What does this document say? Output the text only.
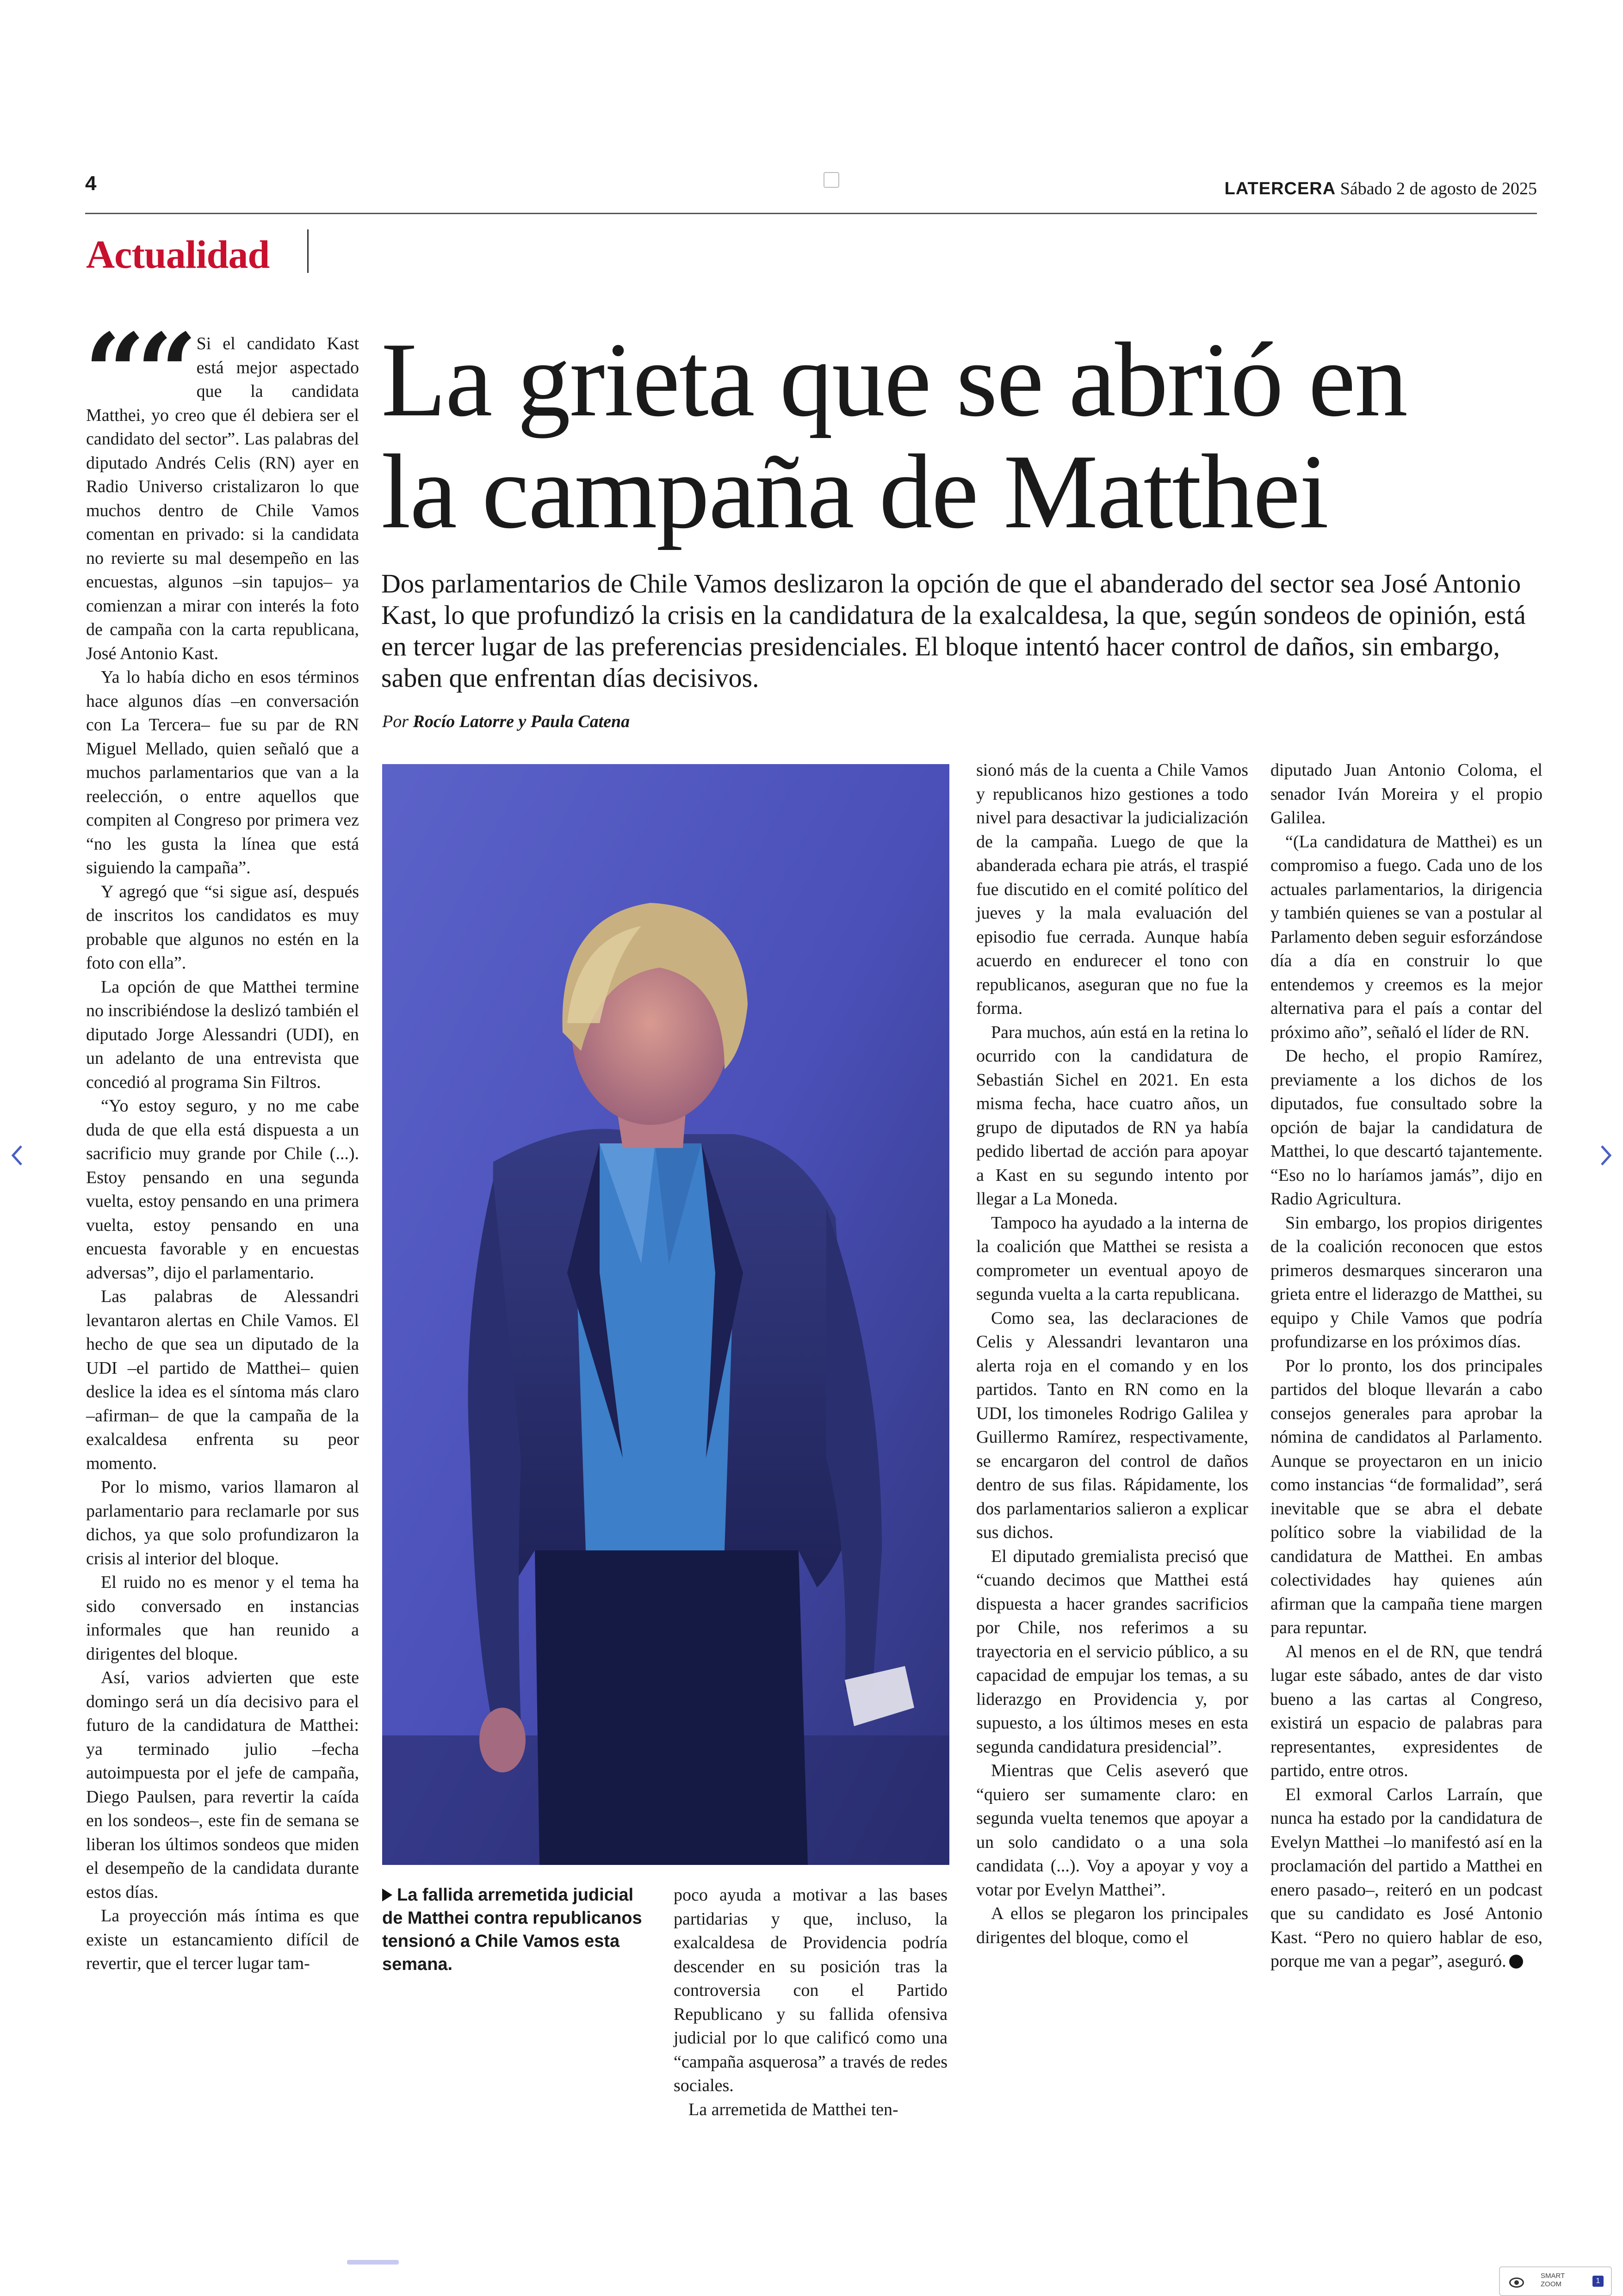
4	LATERCERA Sábado 2 de agosto de 2025
Actualidad
La grieta que se abrió en
la campaña de Matthei
Dos parlamentarios de Chile Vamos deslizaron la opción de que el abanderado del sector sea José Antonio Kast, lo que profundizó la crisis en la candidatura de la exalcaldesa, la que, según sondeos de opinión, está en tercer lugar de las preferencias presidenciales. El bloque intentó hacer control de daños, sin embargo, saben que enfrentan días decisivos.
Por Rocío Latorre y Paula Catena
““ Si el candidato Kast está mejor aspectado que la candidata Matthei, yo creo que él debiera ser el candidato del sector”. Las palabras del diputado Andrés Celis (RN) ayer en Radio Universo cristalizaron lo que muchos dentro de Chile Vamos comentan en privado: si la candidata no revierte su mal desempeño en las encuestas, algunos –sin tapujos– ya comienzan a mirar con interés la foto de campaña con la carta republicana, José Antonio Kast.

Ya lo había dicho en esos términos hace algunos días –en conversación con La Tercera– fue su par de RN Miguel Mellado, quien señaló que a muchos parlamentarios que van a la reelección, o entre aquellos que compiten al Congreso por primera vez “no les gusta la línea que está siguiendo la campaña”.

Y agregó que “si sigue así, después de inscritos los candidatos es muy probable que algunos no estén en la foto con ella”.

La opción de que Matthei termine no inscribiéndose la deslizó también el diputado Jorge Alessandri (UDI), en un adelanto de una entrevista que concedió al programa Sin Filtros.

“Yo estoy seguro, y no me cabe duda de que ella está dispuesta a un sacrificio muy grande por Chile (...). Estoy pensando en una segunda vuelta, estoy pensando en una primera vuelta, estoy pensando en una encuesta favorable y en encuestas adversas”, dijo el parlamentario.

Las palabras de Alessandri levantaron alertas en Chile Vamos. El hecho de que sea un diputado de la UDI –el partido de Matthei– quien deslice la idea es el síntoma más claro –afirman– de que la campaña de la exalcaldesa enfrenta su peor momento.

Por lo mismo, varios llamaron al parlamentario para reclamarle por sus dichos, ya que solo profundizaron la crisis al interior del bloque.

El ruido no es menor y el tema ha sido conversado en instancias informales que han reunido a dirigentes del bloque.

Así, varios advierten que este domingo será un día decisivo para el futuro de la candidatura de Matthei: ya terminado julio –fecha autoimpuesta por el jefe de campaña, Diego Paulsen, para revertir la caída en los sondeos–, este fin de semana se liberan los últimos sondeos que miden el desempeño de la candidata durante estos días.

La proyección más íntima es que existe un estancamiento difícil de revertir, que el tercer lugar tam-

La fallida arremetida judicial de Matthei contra republicanos tensionó a Chile Vamos esta semana.

poco ayuda a motivar a las bases partidarias y que, incluso, la exalcaldesa de Providencia podría descender en su posición tras la controversia con el Partido Republicano y su fallida ofensiva judicial por lo que calificó como una “campaña asquerosa” a través de redes sociales.

La arremetida de Matthei ten-

sionó más de la cuenta a Chile Vamos y republicanos hizo gestiones a todo nivel para desactivar la judicialización de la campaña. Luego de que la abanderada echara pie atrás, el traspié fue discutido en el comité político del jueves y la mala evaluación del episodio fue cerrada. Aunque había acuerdo en endurecer el tono con republicanos, aseguran que no fue la forma.

Para muchos, aún está en la retina lo ocurrido con la candidatura de Sebastián Sichel en 2021. En esta misma fecha, hace cuatro años, un grupo de diputados de RN ya había pedido libertad de acción para apoyar a Kast en su segundo intento por llegar a La Moneda.

Tampoco ha ayudado a la interna de la coalición que Matthei se resista a comprometer un eventual apoyo de segunda vuelta a la carta republicana.

Como sea, las declaraciones de Celis y Alessandri levantaron una alerta roja en el comando y en los partidos. Tanto en RN como en la UDI, los timoneles Rodrigo Galilea y Guillermo Ramírez, respectivamente, se encargaron del control de daños dentro de sus filas. Rápidamente, los dos parlamentarios salieron a explicar sus dichos.

El diputado gremialista precisó que “cuando decimos que Matthei está dispuesta a hacer grandes sacrificios por Chile, nos referimos a su trayectoria en el servicio público, a su capacidad de empujar los temas, a su liderazgo en Providencia y, por supuesto, a los últimos meses en esta segunda candidatura presidencial”.

Mientras que Celis aseveró que “quiero ser sumamente claro: en segunda vuelta tenemos que apoyar a un solo candidato o a una sola candidata (...). Voy a apoyar y voy a votar por Evelyn Matthei”.

A ellos se plegaron los principales dirigentes del bloque, como el

diputado Juan Antonio Coloma, el senador Iván Moreira y el propio Galilea.

“(La candidatura de Matthei) es un compromiso a fuego. Cada uno de los actuales parlamentarios, la dirigencia y también quienes se van a postular al Parlamento deben seguir esforzándose día a día en construir lo que entendemos y creemos es la mejor alternativa para el país a contar del próximo año”, señaló el líder de RN.

De hecho, el propio Ramírez, previamente a los dichos de los diputados, fue consultado sobre la opción de bajar la candidatura de Matthei, lo que descartó tajantemente. “Eso no lo haríamos jamás”, dijo en Radio Agricultura.

Sin embargo, los propios dirigentes de la coalición reconocen que estos primeros desmarques sinceraron una grieta entre el liderazgo de Matthei, su equipo y Chile Vamos que podría profundizarse en los próximos días.

Por lo pronto, los dos principales partidos del bloque llevarán a cabo consejos generales para aprobar la nómina de candidatos al Parlamento. Aunque se proyectaron en un inicio como instancias “de formalidad”, será inevitable que se abra el debate político sobre la viabilidad de la candidatura de Matthei. En ambas colectividades hay quienes aún afirman que la campaña tiene margen para repuntar.

Al menos en el de RN, que tendrá lugar este sábado, antes de dar visto bueno a las cartas al Congreso, existirá un espacio de palabras para representantes, expresidentes de partido, entre otros.

El exmoral Carlos Larraín, que nunca ha estado por la candidatura de Evelyn Matthei –lo manifestó así en la proclamación del partido a Matthei en enero pasado–, reiteró en un podcast que su candidato es José Antonio Kast. “Pero no quiero hablar de eso, porque me van a pegar”, aseguró.

SMART
ZOOM	1
